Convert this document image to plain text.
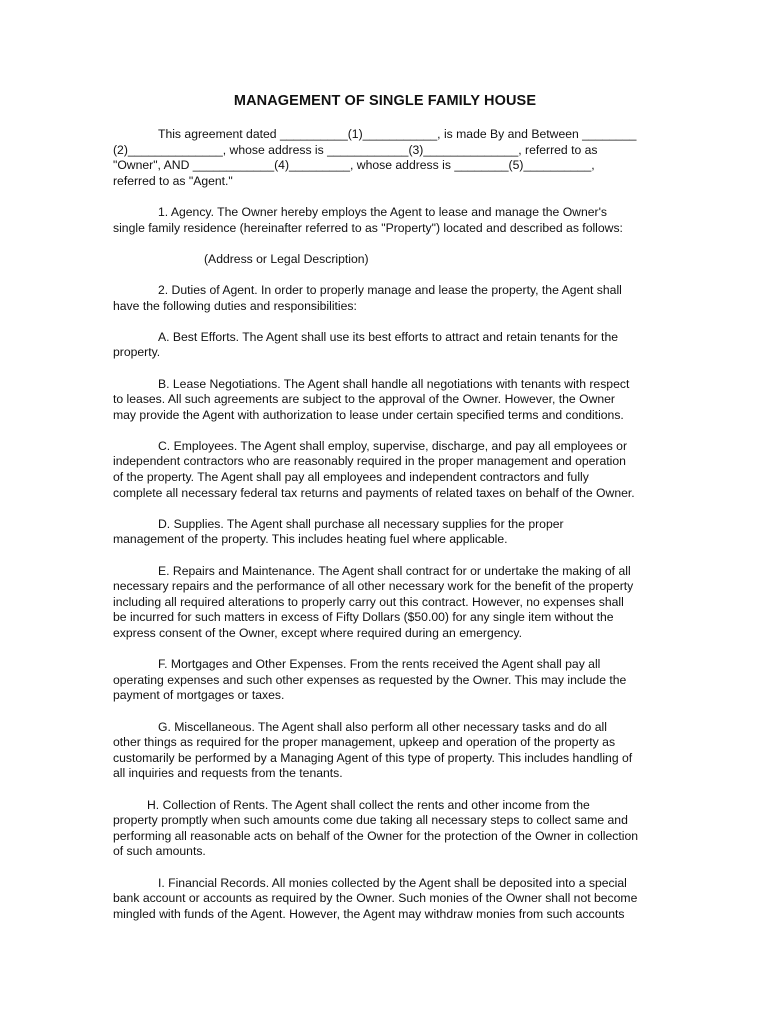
MANAGEMENT OF SINGLE FAMILY HOUSE

This agreement dated __________(1)___________, is made By and Between ________
(2)______________, whose address is ____________(3)______________, referred to as
"Owner", AND ____________(4)_________, whose address is ________(5)__________,
referred to as "Agent."

1. Agency. The Owner hereby employs the Agent to lease and manage the Owner's
single family residence (hereinafter referred to as "Property") located and described as follows:

(Address or Legal Description)

2. Duties of Agent. In order to properly manage and lease the property, the Agent shall
have the following duties and responsibilities:

A. Best Efforts. The Agent shall use its best efforts to attract and retain tenants for the
property.

B. Lease Negotiations. The Agent shall handle all negotiations with tenants with respect
to leases. All such agreements are subject to the approval of the Owner. However, the Owner
may provide the Agent with authorization to lease under certain specified terms and conditions.

C. Employees. The Agent shall employ, supervise, discharge, and pay all employees or
independent contractors who are reasonably required in the proper management and operation
of the property. The Agent shall pay all employees and independent contractors and fully
complete all necessary federal tax returns and payments of related taxes on behalf of the Owner.

D. Supplies. The Agent shall purchase all necessary supplies for the proper
management of the property. This includes heating fuel where applicable.

E. Repairs and Maintenance. The Agent shall contract for or undertake the making of all
necessary repairs and the performance of all other necessary work for the benefit of the property
including all required alterations to properly carry out this contract. However, no expenses shall
be incurred for such matters in excess of Fifty Dollars ($50.00) for any single item without the
express consent of the Owner, except where required during an emergency.

F. Mortgages and Other Expenses. From the rents received the Agent shall pay all
operating expenses and such other expenses as requested by the Owner. This may include the
payment of mortgages or taxes.

G. Miscellaneous. The Agent shall also perform all other necessary tasks and do all
other things as required for the proper management, upkeep and operation of the property as
customarily be performed by a Managing Agent of this type of property. This includes handling of
all inquiries and requests from the tenants.

H. Collection of Rents. The Agent shall collect the rents and other income from the
property promptly when such amounts come due taking all necessary steps to collect same and
performing all reasonable acts on behalf of the Owner for the protection of the Owner in collection
of such amounts.

I. Financial Records. All monies collected by the Agent shall be deposited into a special
bank account or accounts as required by the Owner. Such monies of the Owner shall not become
mingled with funds of the Agent. However, the Agent may withdraw monies from such accounts
